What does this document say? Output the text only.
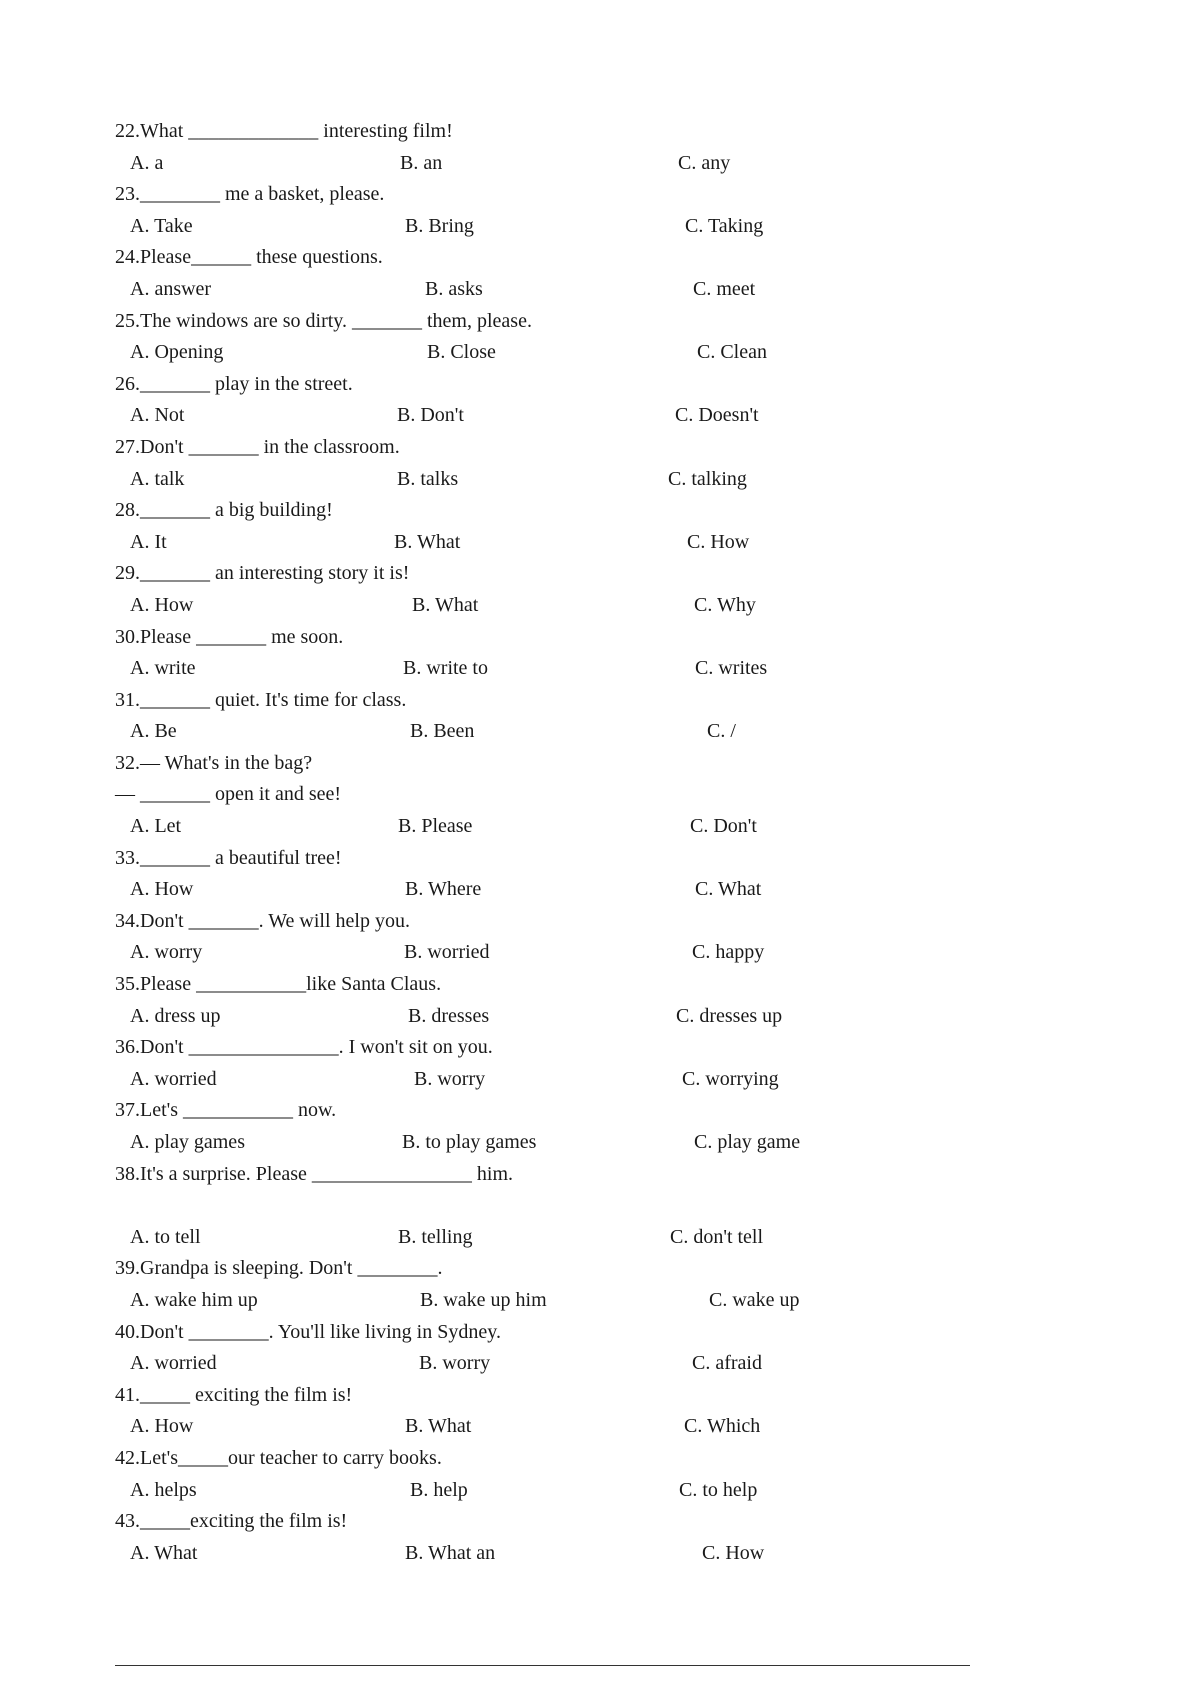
22.What _____________ interesting film!
A. a	B. an	C. any
23.________ me a basket, please.
A. Take	B. Bring	C. Taking
24.Please______ these questions.
A. answer	B. asks	C. meet
25.The windows are so dirty. _______ them, please.
A. Opening	B. Close	C. Clean
26._______ play in the street.
A. Not	B. Don't	C. Doesn't
27.Don't _______ in the classroom.
A. talk	B. talks	C. talking
28._______ a big building!
A. It	B. What	C. How
29._______ an interesting story it is!
A. How	B. What	C. Why
30.Please _______ me soon.
A. write	B. write to	C. writes
31._______ quiet. It's time for class.
A. Be	B. Been	C. /
32.— What's in the bag?
— _______ open it and see!
A. Let	B. Please	C. Don't
33._______ a beautiful tree!
A. How	B. Where	C. What
34.Don't _______. We will help you.
A. worry	B. worried	C. happy
35.Please ___________like Santa Claus.
A. dress up	B. dresses	C. dresses up
36.Don't _______________. I won't sit on you.
A. worried	B. worry	C. worrying
37.Let's ___________ now.
A. play games	B. to play games	C. play game
38.It's a surprise. Please ________________ him.
A. to tell	B. telling	C. don't tell
39.Grandpa is sleeping. Don't ________.
A. wake him up	B. wake up him	C. wake up
40.Don't ________. You'll like living in Sydney.
A. worried	B. worry	C. afraid
41._____ exciting the film is!
A. How	B. What	C. Which
42.Let's_____our teacher to carry books.
A. helps	B. help	C. to help
43._____exciting the film is!
A. What	B. What an	C. How
